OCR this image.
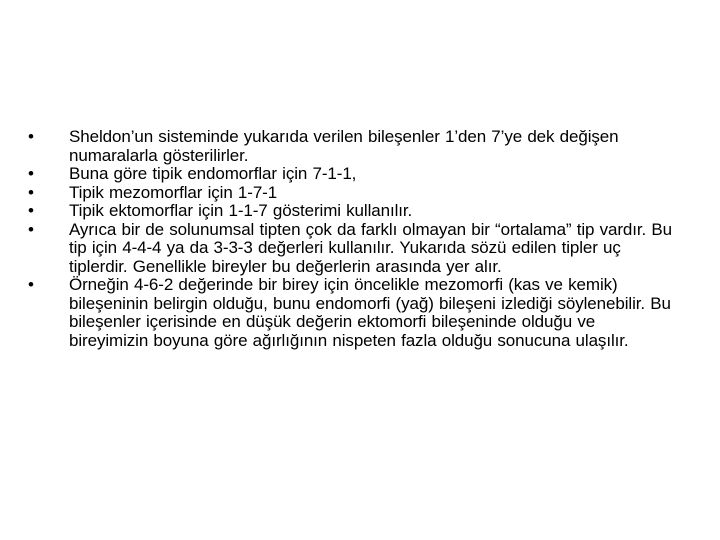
•	Sheldon’un sisteminde yukarıda verilen bileşenler 1’den 7’ye dek değişen numaralarla gösterilirler.
•	Buna göre tipik endomorflar için 7-1-1,
•	Tipik mezomorflar için 1-7-1
•	Tipik ektomorflar için 1-1-7 gösterimi kullanılır.
•	Ayrıca bir de solunumsal tipten çok da farklı olmayan bir “ortalama” tip vardır. Bu tip için 4-4-4 ya da 3-3-3 değerleri kullanılır. Yukarıda sözü edilen tipler uç tiplerdir. Genellikle bireyler bu değerlerin arasında yer alır.
•	Örneğin 4-6-2 değerinde bir birey için öncelikle mezomorfi (kas ve kemik) bileşeninin belirgin olduğu, bunu endomorfi (yağ) bileşeni izlediği söylenebilir. Bu bileşenler içerisinde en düşük değerin ektomorfi bileşeninde olduğu ve bireyimizin boyuna göre ağırlığının nispeten fazla olduğu sonucuna ulaşılır.
